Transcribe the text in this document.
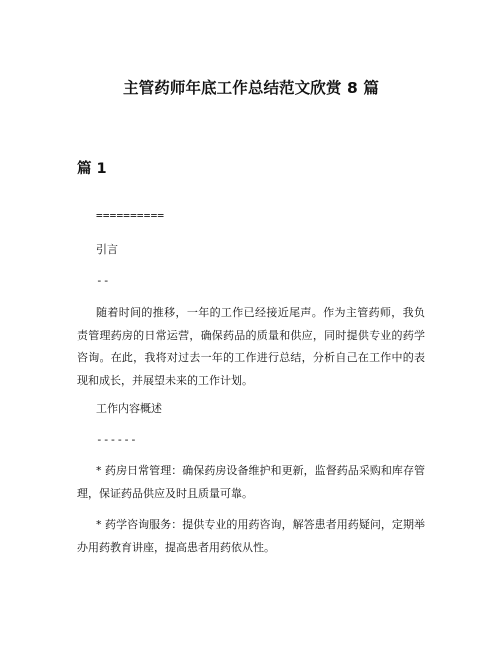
主管药师年底工作总结范文欣赏 8 篇
篇 1
==========
引言
--
随着时间的推移，一年的工作已经接近尾声。作为主管药师，我负责管理药房的日常运营，确保药品的质量和供应，同时提供专业的药学咨询。在此，我将对过去一年的工作进行总结，分析自己在工作中的表现和成长，并展望未来的工作计划。
工作内容概述
------
* 药房日常管理：确保药房设备维护和更新，监督药品采购和库存管理，保证药品供应及时且质量可靠。
* 药学咨询服务：提供专业的用药咨询，解答患者用药疑问，定期举办用药教育讲座，提高患者用药依从性。
